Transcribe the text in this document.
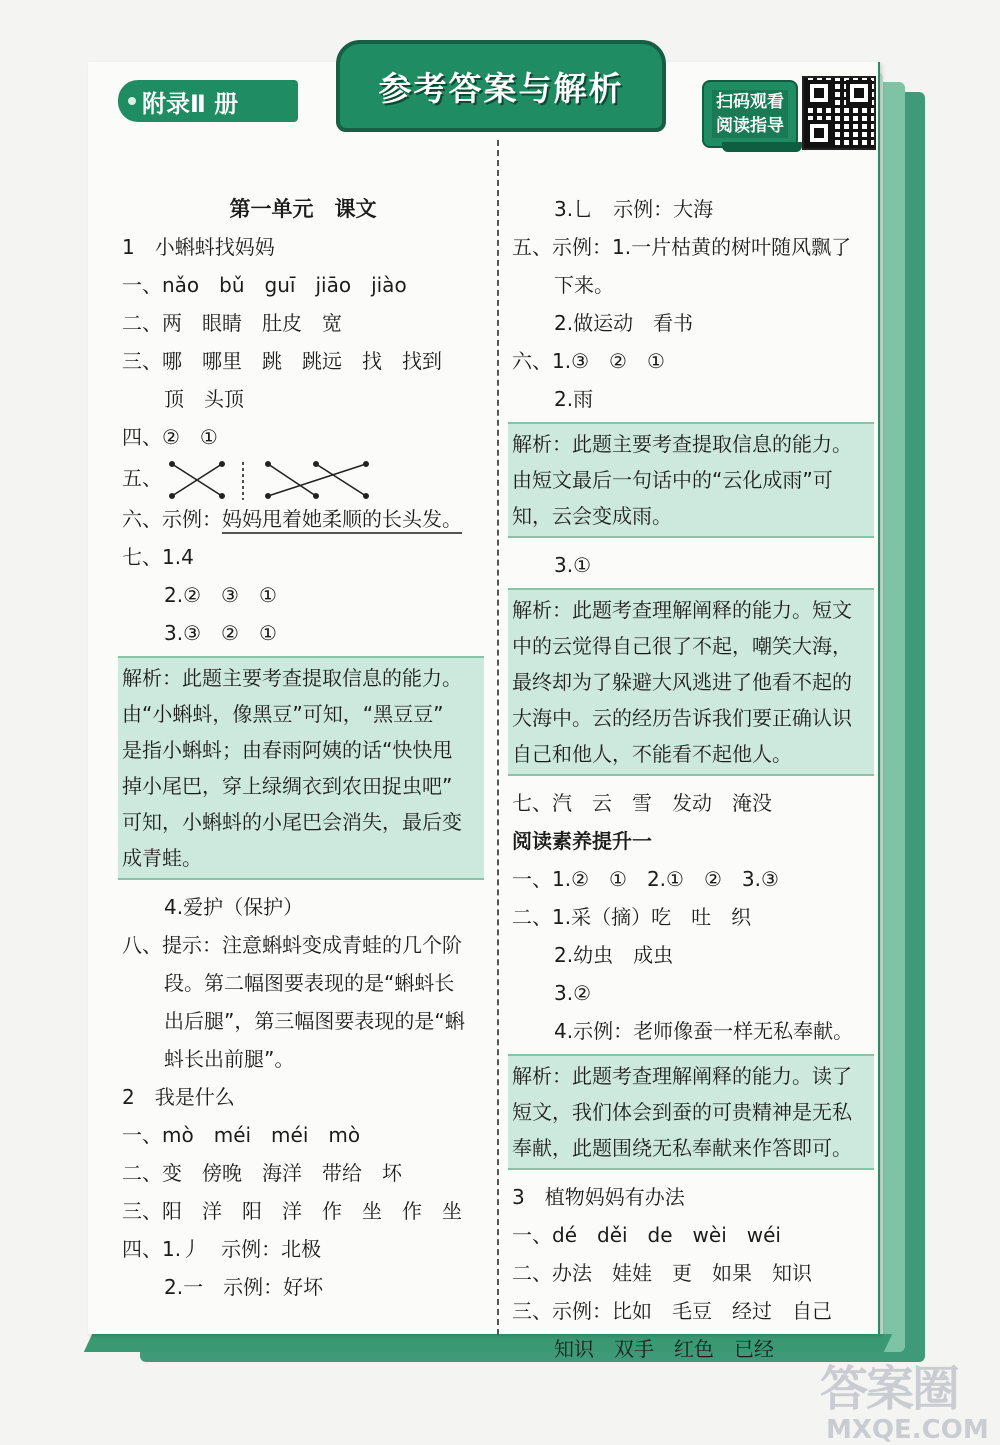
附录Ⅱ 册	参考答案与解析	扫码观看
阅读指导
第一单元　课文
1　小蝌蚪找妈妈
一、nǎo　bǔ　guī　jiāo　jiào
二、两　眼睛　肚皮　宽
三、哪　哪里　跳　跳远　找　找到
顶　头顶
四、②　①
五、
六、示例：妈妈甩着她柔顺的长头发。
七、1.4
2.②　③　①
3.③　②　①
解析：此题主要考查提取信息的能力。
由“小蝌蚪，像黑豆”可知，“黑豆豆”
是指小蝌蚪；由春雨阿姨的话“快快甩
掉小尾巴，穿上绿绸衣到农田捉虫吧”
可知，小蝌蚪的小尾巴会消失，最后变
成青蛙。
4.爱护（保护）
八、提示：注意蝌蚪变成青蛙的几个阶
段。第二幅图要表现的是“蝌蚪长
出后腿”，第三幅图要表现的是“蝌
蚪长出前腿”。
2　我是什么
一、mò　méi　méi　mò
二、变　傍晚　海洋　带给　坏
三、阳　洋　阳　洋　作　坐　作　坐
四、1.丿　示例：北极
2.一　示例：好坏
3.乚　示例：大海
五、示例：1.一片枯黄的树叶随风飘了
下来。
2.做运动　看书
六、1.③　②　①
2.雨
解析：此题主要考查提取信息的能力。
由短文最后一句话中的“云化成雨”可
知，云会变成雨。
3.①
解析：此题考查理解阐释的能力。短文
中的云觉得自己很了不起，嘲笑大海，
最终却为了躲避大风逃进了他看不起的
大海中。云的经历告诉我们要正确认识
自己和他人，不能看不起他人。
七、汽　云　雪　发动　淹没
阅读素养提升一
一、1.②　①　2.①　②　3.③
二、1.采（摘）吃　吐　织
2.幼虫　成虫
3.②
4.示例：老师像蚕一样无私奉献。
解析：此题考查理解阐释的能力。读了
短文，我们体会到蚕的可贵精神是无私
奉献，此题围绕无私奉献来作答即可。
3　植物妈妈有办法
一、dé　děi　de　wèi　wéi
二、办法　娃娃　更　如果　知识
三、示例：比如　毛豆　经过　自己
知识　双手　红色　已经
答案圈
MXQE.COM
